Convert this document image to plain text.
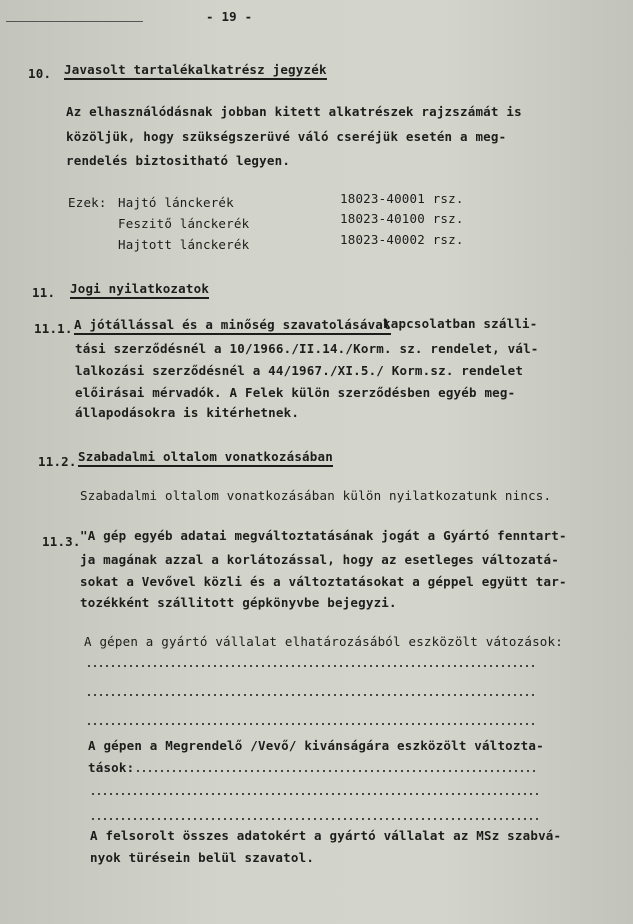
- 19 -
10. Javasolt tartalékalkatrész jegyzék
Az elhasználódásnak jobban kitett alkatrészek rajzszámát is
közöljük, hogy szükségszerüvé váló cseréjük esetén a meg-
rendelés biztositható legyen.
Ezek: Hajtó lánckerék	18023-40001 rsz.
Feszitő lánckerék	18023-40100 rsz.
Hajtott lánckerék	18023-40002 rsz.
11. Jogi nyilatkozatok
11.1. A jótállással és a minőség szavatolásával
kapcsolatban szálli-
tási szerződésnél a 10/1966./II.14./Korm. sz. rendelet, vál-
lalkozási szerződésnél a 44/1967./XI.5./ Korm.sz. rendelet
előirásai mérvadók. A Felek külön szerződésben egyéb meg-
állapodásokra is kitérhetnek.
11.2. Szabadalmi oltalom vonatkozásában
Szabadalmi oltalom vonatkozásában külön nyilatkozatunk nincs.
11.3. "A gép egyéb adatai megváltoztatásának jogát a Gyártó fenntart-
ja magának azzal a korlátozással, hogy az esetleges változatá-
sokat a Vevővel közli és a változtatásokat a géppel együtt tar-
tozékként szállitott gépkönyvbe bejegyzi.
A gépen a gyártó vállalat elhatározásából eszközölt vátozások:
A gépen a Megrendelő /Vevő/ kivánságára eszközölt változta-
tások:
A felsorolt összes adatokért a gyártó vállalat az MSz szabvá-
nyok türésein belül szavatol.
